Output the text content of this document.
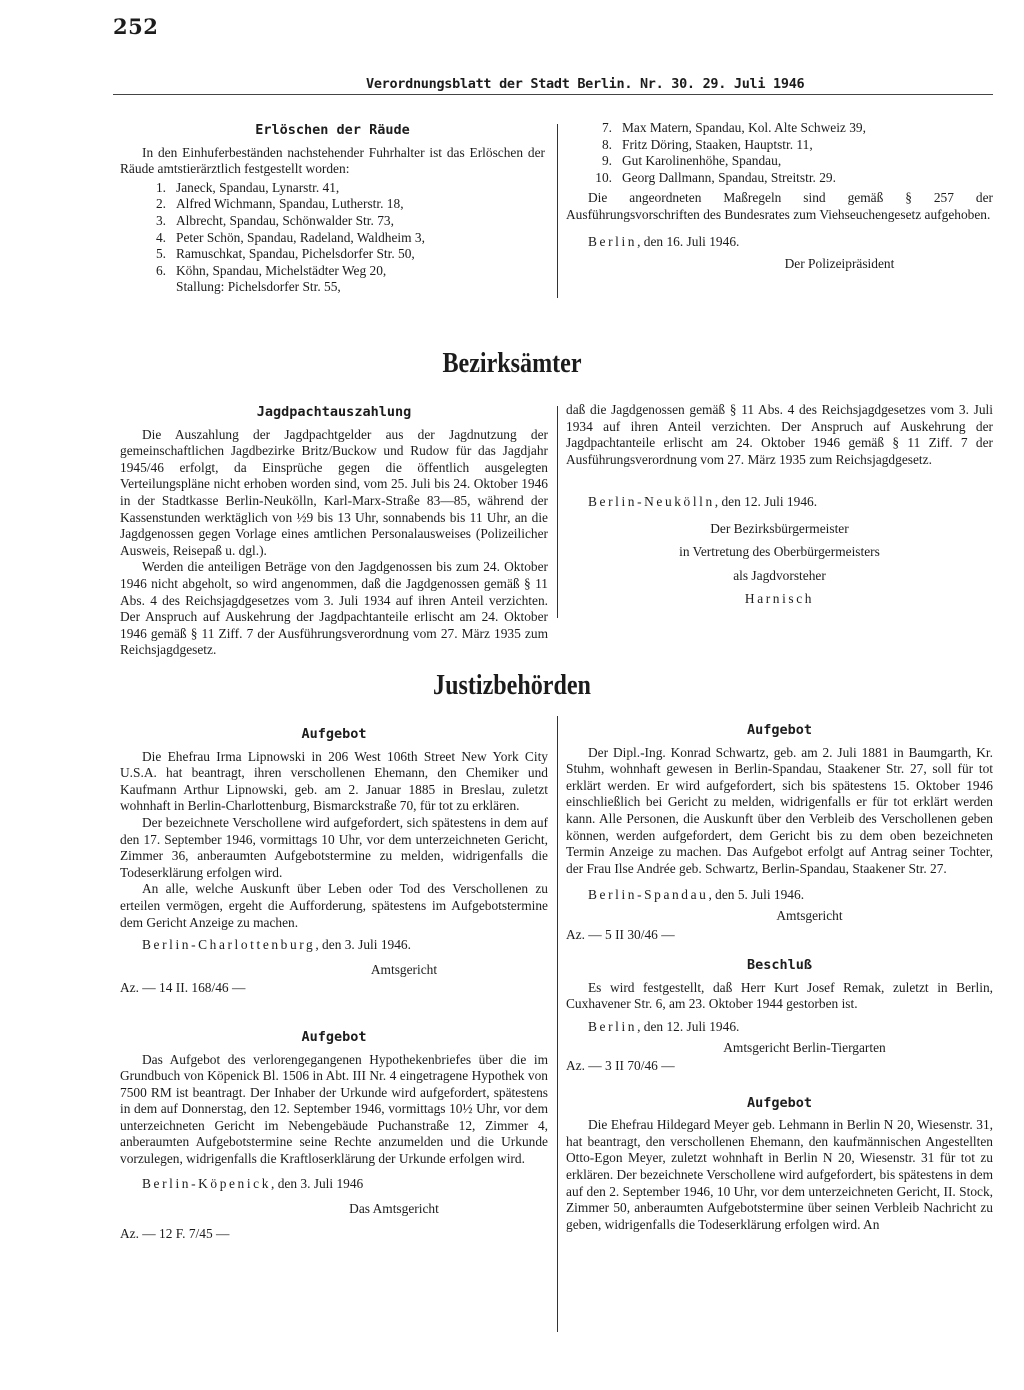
252
Verordnungsblatt der Stadt Berlin. Nr. 30. 29. Juli 1946
Erlöschen der Räude

In den Einhuferbeständen nachstehender Fuhrhalter ist das Erlöschen der Räude amtstierärztlich festgestellt worden:

1. Janeck, Spandau, Lynarstr. 41,
2. Alfred Wichmann, Spandau, Lutherstr. 18,
3. Albrecht, Spandau, Schönwalder Str. 73,
4. Peter Schön, Spandau, Radeland, Waldheim 3,
5. Ramuschkat, Spandau, Pichelsdorfer Str. 50,
6. Köhn, Spandau, Michelstädter Weg 20,
Stallung: Pichelsdorfer Str. 55,
7. Max Matern, Spandau, Kol. Alte Schweiz 39,
8. Fritz Döring, Staaken, Hauptstr. 11,
9. Gut Karolinenhöhe, Spandau,
10. Georg Dallmann, Spandau, Streitstr. 29.

Die angeordneten Maßregeln sind gemäß § 257 der Ausführungsvorschriften des Bundesrates zum Viehseuchengesetz aufgehoben.

Berlin, den 16. Juli 1946.
Der Polizeipräsident
Bezirksämter
Jagdpachtauszahlung

Die Auszahlung der Jagdpachtgelder aus der Jagdnutzung der gemeinschaftlichen Jagdbezirke Britz/Buckow und Rudow für das Jagdjahr 1945/46 erfolgt, da Einsprüche gegen die öffentlich ausgelegten Verteilungspläne nicht erhoben worden sind, vom 25. Juli bis 24. Oktober 1946 in der Stadtkasse Berlin-Neukölln, Karl-Marx-Straße 83—85, während der Kassenstunden werktäglich von ½9 bis 13 Uhr, sonnabends bis 11 Uhr, an die Jagdgenossen gegen Vorlage eines amtlichen Personalausweises (Polizeilicher Ausweis, Reisepaß u. dgl.).

Werden die anteiligen Beträge von den Jagdgenossen bis zum 24. Oktober 1946 nicht abgeholt, so wird angenommen, daß die Jagdgenossen gemäß § 11 Abs. 4 des Reichsjagdgesetzes vom 3. Juli 1934 auf ihren Anteil verzichten. Der Anspruch auf Auskehrung der Jagdpachtanteile erlischt am 24. Oktober 1946 gemäß § 11 Ziff. 7 der Ausführungsverordnung vom 27. März 1935 zum Reichsjagdgesetz.

daß die Jagdgenossen gemäß § 11 Abs. 4 des Reichsjagdgesetzes vom 3. Juli 1934 auf ihren Anteil verzichten. Der Anspruch auf Auskehrung der Jagdpachtanteile erlischt am 24. Oktober 1946 gemäß § 11 Ziff. 7 der Ausführungsverordnung vom 27. März 1935 zum Reichsjagdgesetz.

Berlin-Neukölln, den 12. Juli 1946.
Der Bezirksbürgermeister
in Vertretung des Oberbürgermeisters
als Jagdvorsteher
Harnisch
Justizbehörden
Aufgebot

Die Ehefrau Irma Lipnowski in 206 West 106th Street New York City U.S.A. hat beantragt, ihren verschollenen Ehemann, den Chemiker und Kaufmann Arthur Lipnowski, geb. am 2. Januar 1885 in Breslau, zuletzt wohnhaft in Berlin-Charlottenburg, Bismarckstraße 70, für tot zu erklären.

Der bezeichnete Verschollene wird aufgefordert, sich spätestens in dem auf den 17. September 1946, vormittags 10 Uhr, vor dem unterzeichneten Gericht, Zimmer 36, anberaumten Aufgebotstermine zu melden, widrigenfalls die Todeserklärung erfolgen wird.

An alle, welche Auskunft über Leben oder Tod des Verschollenen zu erteilen vermögen, ergeht die Aufforderung, spätestens im Aufgebotstermine dem Gericht Anzeige zu machen.

Berlin-Charlottenburg, den 3. Juli 1946.
Amtsgericht
Az. — 14 II. 168/46 —
Aufgebot

Das Aufgebot des verlorengegangenen Hypothekenbriefes über die im Grundbuch von Köpenick Bl. 1506 in Abt. III Nr. 4 eingetragene Hypothek von 7500 RM ist beantragt. Der Inhaber der Urkunde wird aufgefordert, spätestens in dem auf Donnerstag, den 12. September 1946, vormittags 10½ Uhr, vor dem unterzeichneten Gericht im Nebengebäude Puchanstraße 12, Zimmer 4, anberaumten Aufgebotstermine seine Rechte anzumelden und die Urkunde vorzulegen, widrigenfalls die Kraftloserklärung der Urkunde erfolgen wird.

Berlin-Köpenick, den 3. Juli 1946
Das Amtsgericht
Az. — 12 F. 7/45 —
Aufgebot

Der Dipl.-Ing. Konrad Schwartz, geb. am 2. Juli 1881 in Baumgarth, Kr. Stuhm, wohnhaft gewesen in Berlin-Spandau, Staakener Str. 27, soll für tot erklärt werden. Er wird aufgefordert, sich bis spätestens 15. Oktober 1946 einschließlich bei Gericht zu melden, widrigenfalls er für tot erklärt werden kann. Alle Personen, die Auskunft über den Verbleib des Verschollenen geben können, werden aufgefordert, dem Gericht bis zu dem oben bezeichneten Termin Anzeige zu machen. Das Aufgebot erfolgt auf Antrag seiner Tochter, der Frau Ilse Andrée geb. Schwartz, Berlin-Spandau, Staakener Str. 27.

Berlin-Spandau, den 5. Juli 1946.
Amtsgericht
Az. — 5 II 30/46 —
Beschluß

Es wird festgestellt, daß Herr Kurt Josef Remak, zuletzt in Berlin, Cuxhavener Str. 6, am 23. Oktober 1944 gestorben ist.

Berlin, den 12. Juli 1946.
Amtsgericht Berlin-Tiergarten
Az. — 3 II 70/46 —
Aufgebot

Die Ehefrau Hildegard Meyer geb. Lehmann in Berlin N 20, Wiesenstr. 31, hat beantragt, den verschollenen Ehemann, den kaufmännischen Angestellten Otto-Egon Meyer, zuletzt wohnhaft in Berlin N 20, Wiesenstr. 31 für tot zu erklären. Der bezeichnete Verschollene wird aufgefordert, bis spätestens in dem auf den 2. September 1946, 10 Uhr, vor dem unterzeichneten Gericht, II. Stock, Zimmer 50, anberaumten Aufgebotstermine über seinen Verbleib Nachricht zu geben, widrigenfalls die Todeserklärung erfolgen wird. An
